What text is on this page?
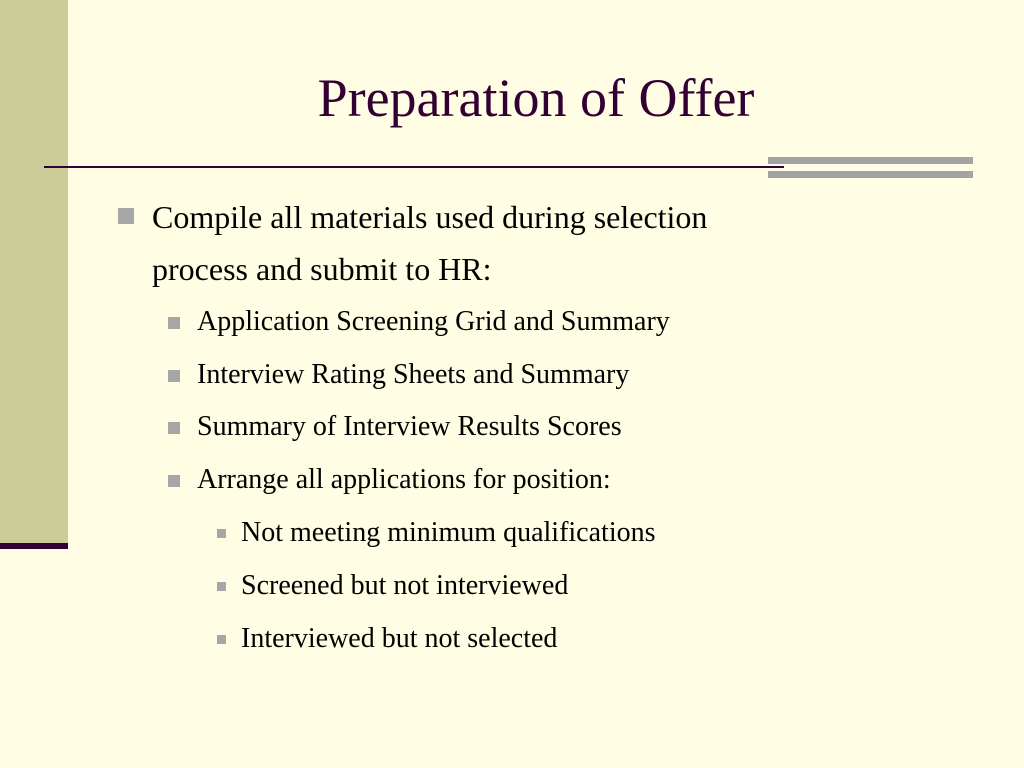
Preparation of Offer
Compile all materials used during selection
process and submit to HR:
Application Screening Grid and Summary
Interview Rating Sheets and Summary
Summary of Interview Results Scores
Arrange all applications for position:
Not meeting minimum qualifications
Screened but not interviewed
Interviewed but not selected
